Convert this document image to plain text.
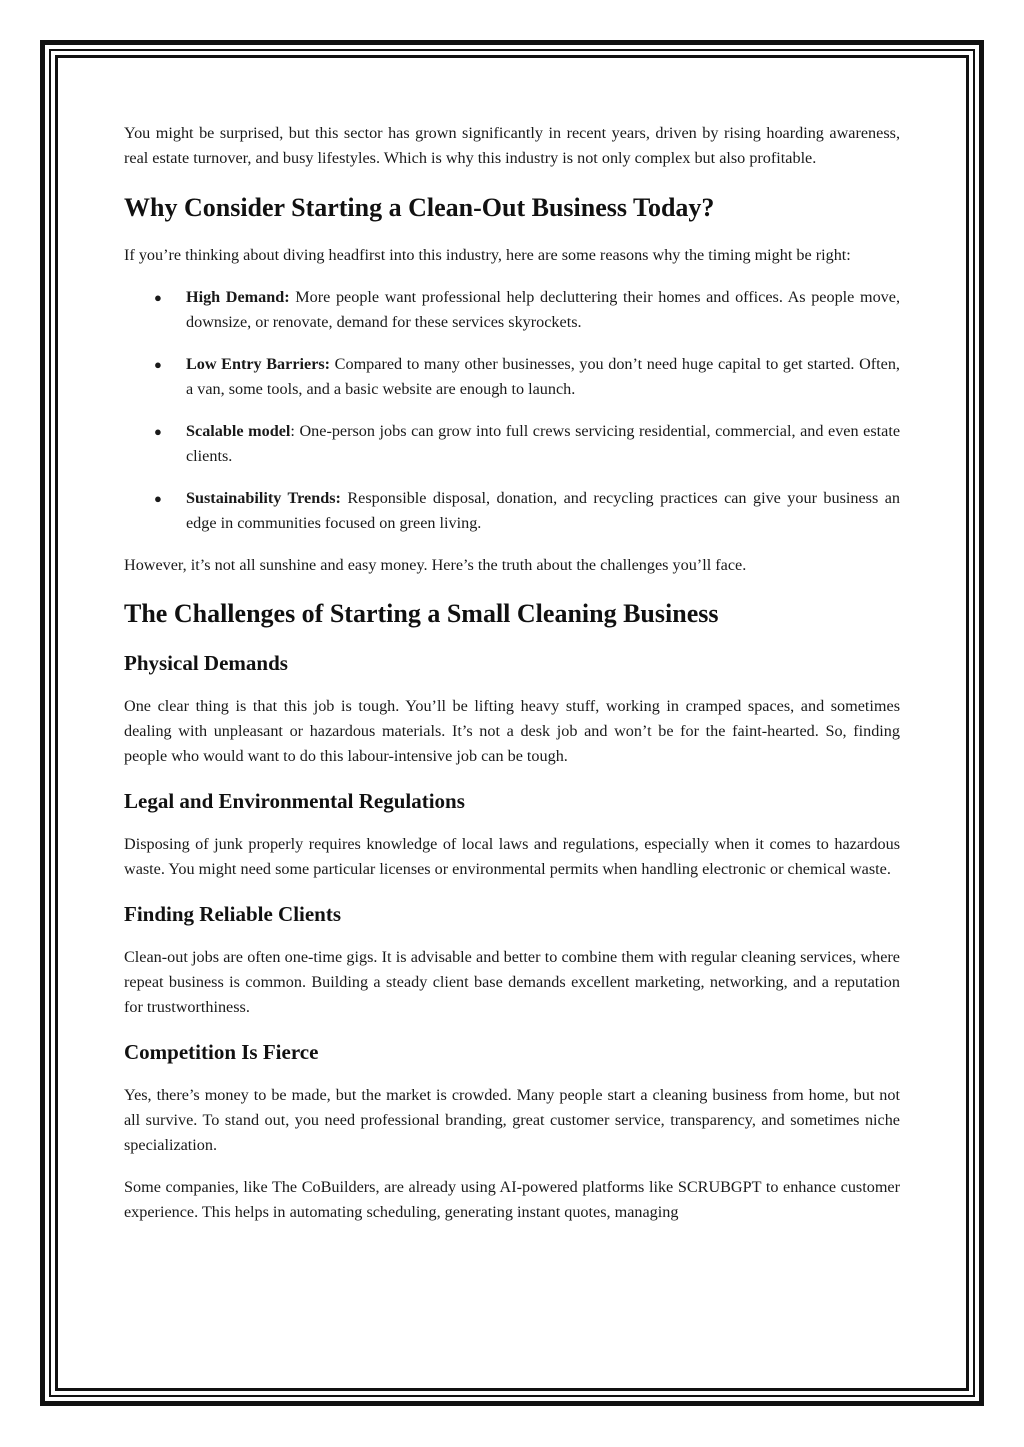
You might be surprised, but this sector has grown significantly in recent years, driven by rising hoarding awareness, real estate turnover, and busy lifestyles. Which is why this industry is not only complex but also profitable.

Why Consider Starting a Clean-Out Business Today?

If you’re thinking about diving headfirst into this industry, here are some reasons why the timing might be right:

● High Demand: More people want professional help decluttering their homes and offices. As people move, downsize, or renovate, demand for these services skyrockets.
● Low Entry Barriers: Compared to many other businesses, you don’t need huge capital to get started. Often, a van, some tools, and a basic website are enough to launch.
● Scalable model: One-person jobs can grow into full crews servicing residential, commercial, and even estate clients.
● Sustainability Trends: Responsible disposal, donation, and recycling practices can give your business an edge in communities focused on green living.

However, it’s not all sunshine and easy money. Here’s the truth about the challenges you’ll face.

The Challenges of Starting a Small Cleaning Business
Physical Demands

One clear thing is that this job is tough. You’ll be lifting heavy stuff, working in cramped spaces, and sometimes dealing with unpleasant or hazardous materials. It’s not a desk job and won’t be for the faint-hearted. So, finding people who would want to do this labour-intensive job can be tough.

Legal and Environmental Regulations

Disposing of junk properly requires knowledge of local laws and regulations, especially when it comes to hazardous waste. You might need some particular licenses or environmental permits when handling electronic or chemical waste.

Finding Reliable Clients

Clean-out jobs are often one-time gigs. It is advisable and better to combine them with regular cleaning services, where repeat business is common. Building a steady client base demands excellent marketing, networking, and a reputation for trustworthiness.

Competition Is Fierce

Yes, there’s money to be made, but the market is crowded. Many people start a cleaning business from home, but not all survive. To stand out, you need professional branding, great customer service, transparency, and sometimes niche specialization.

Some companies, like The CoBuilders, are already using AI-powered platforms like SCRUBGPT to enhance customer experience. This helps in automating scheduling, generating instant quotes, managing
